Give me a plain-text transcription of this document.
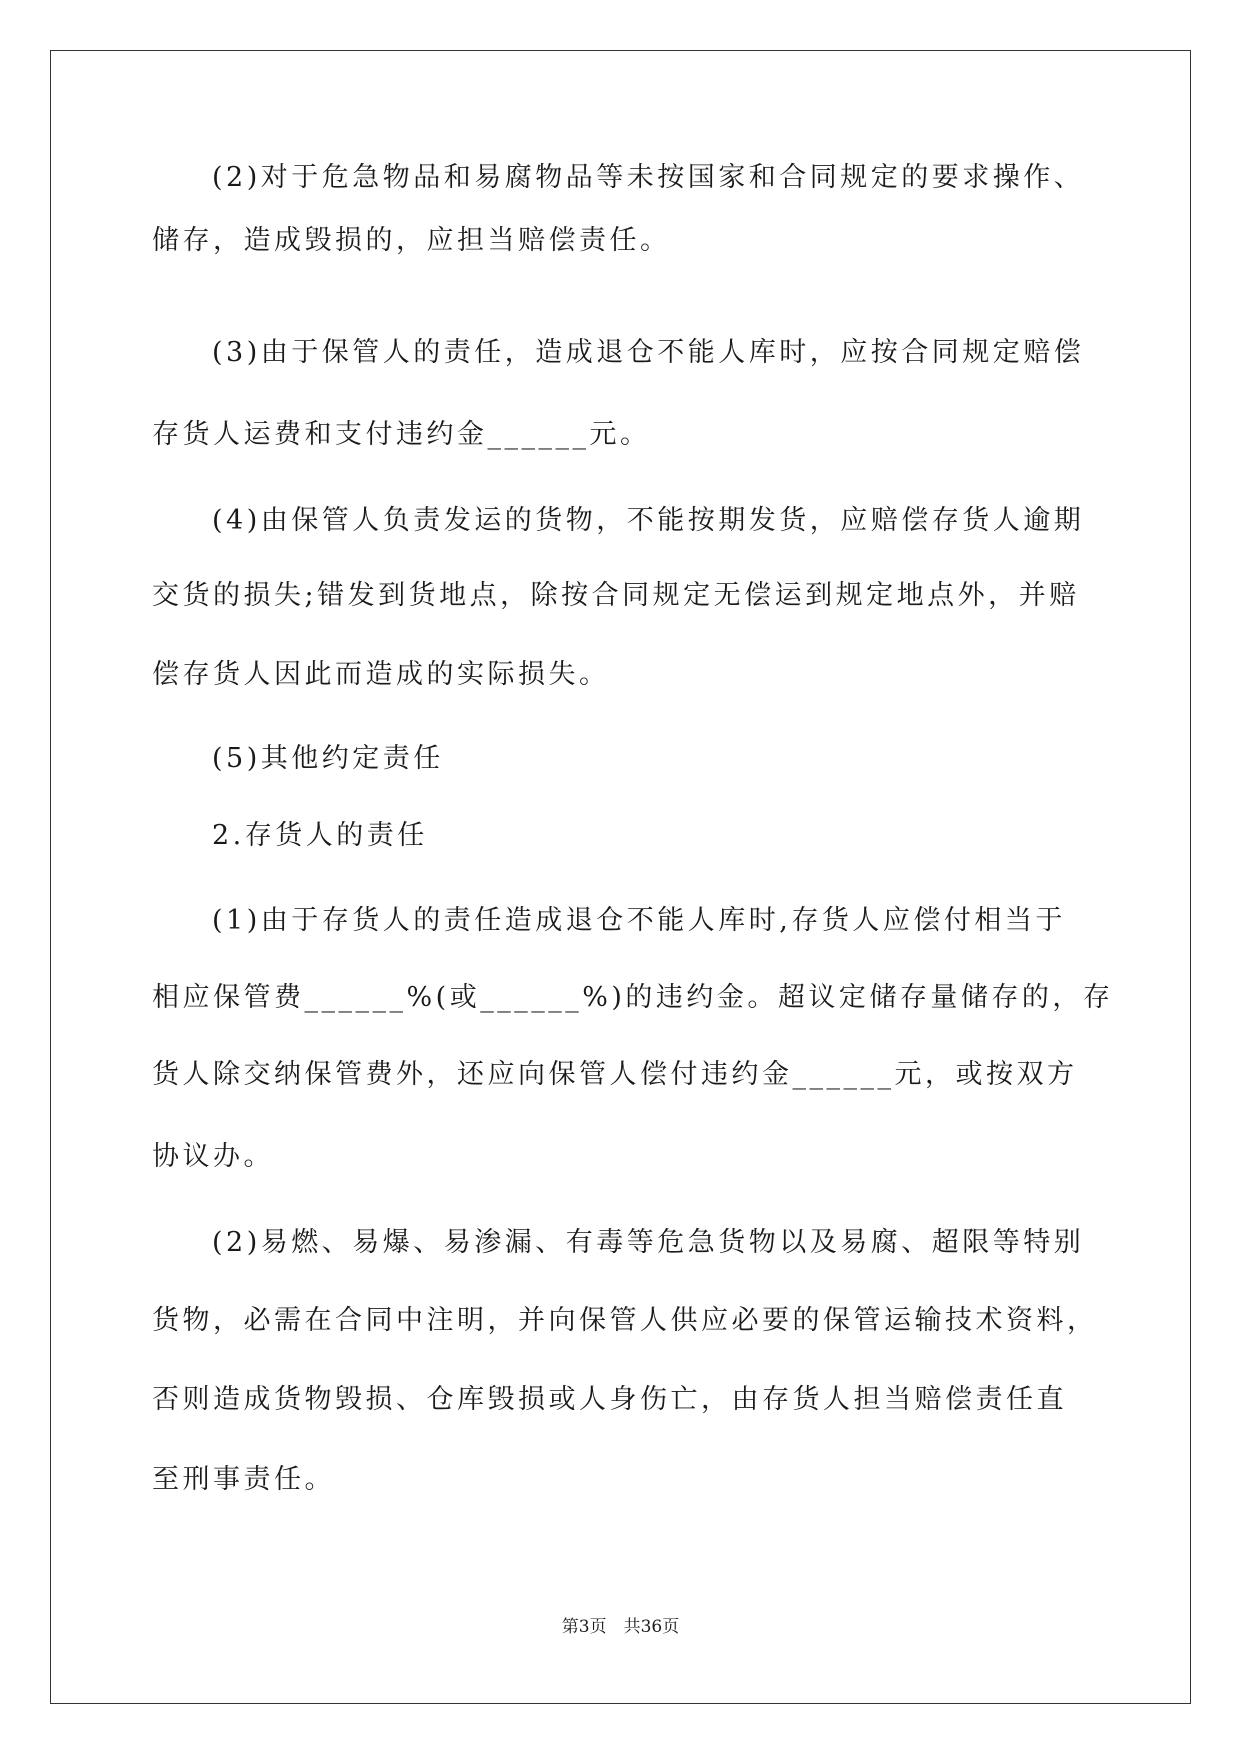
(2)对于危急物品和易腐物品等未按国家和合同规定的要求操作、
储存，造成毁损的，应担当赔偿责任。
(3)由于保管人的责任，造成退仓不能人库时，应按合同规定赔偿
存货人运费和支付违约金______元。
(4)由保管人负责发运的货物，不能按期发货，应赔偿存货人逾期
交货的损失;错发到货地点，除按合同规定无偿运到规定地点外，并赔
偿存货人因此而造成的实际损失。
(5)其他约定责任
2.存货人的责任
(1)由于存货人的责任造成退仓不能人库时,存货人应偿付相当于
相应保管费______%(或______%)的违约金。超议定储存量储存的，存
货人除交纳保管费外，还应向保管人偿付违约金______元，或按双方
协议办。
(2)易燃、易爆、易渗漏、有毒等危急货物以及易腐、超限等特别
货物，必需在合同中注明，并向保管人供应必要的保管运输技术资料，
否则造成货物毁损、仓库毁损或人身伤亡，由存货人担当赔偿责任直
至刑事责任。
第3页　共36页
